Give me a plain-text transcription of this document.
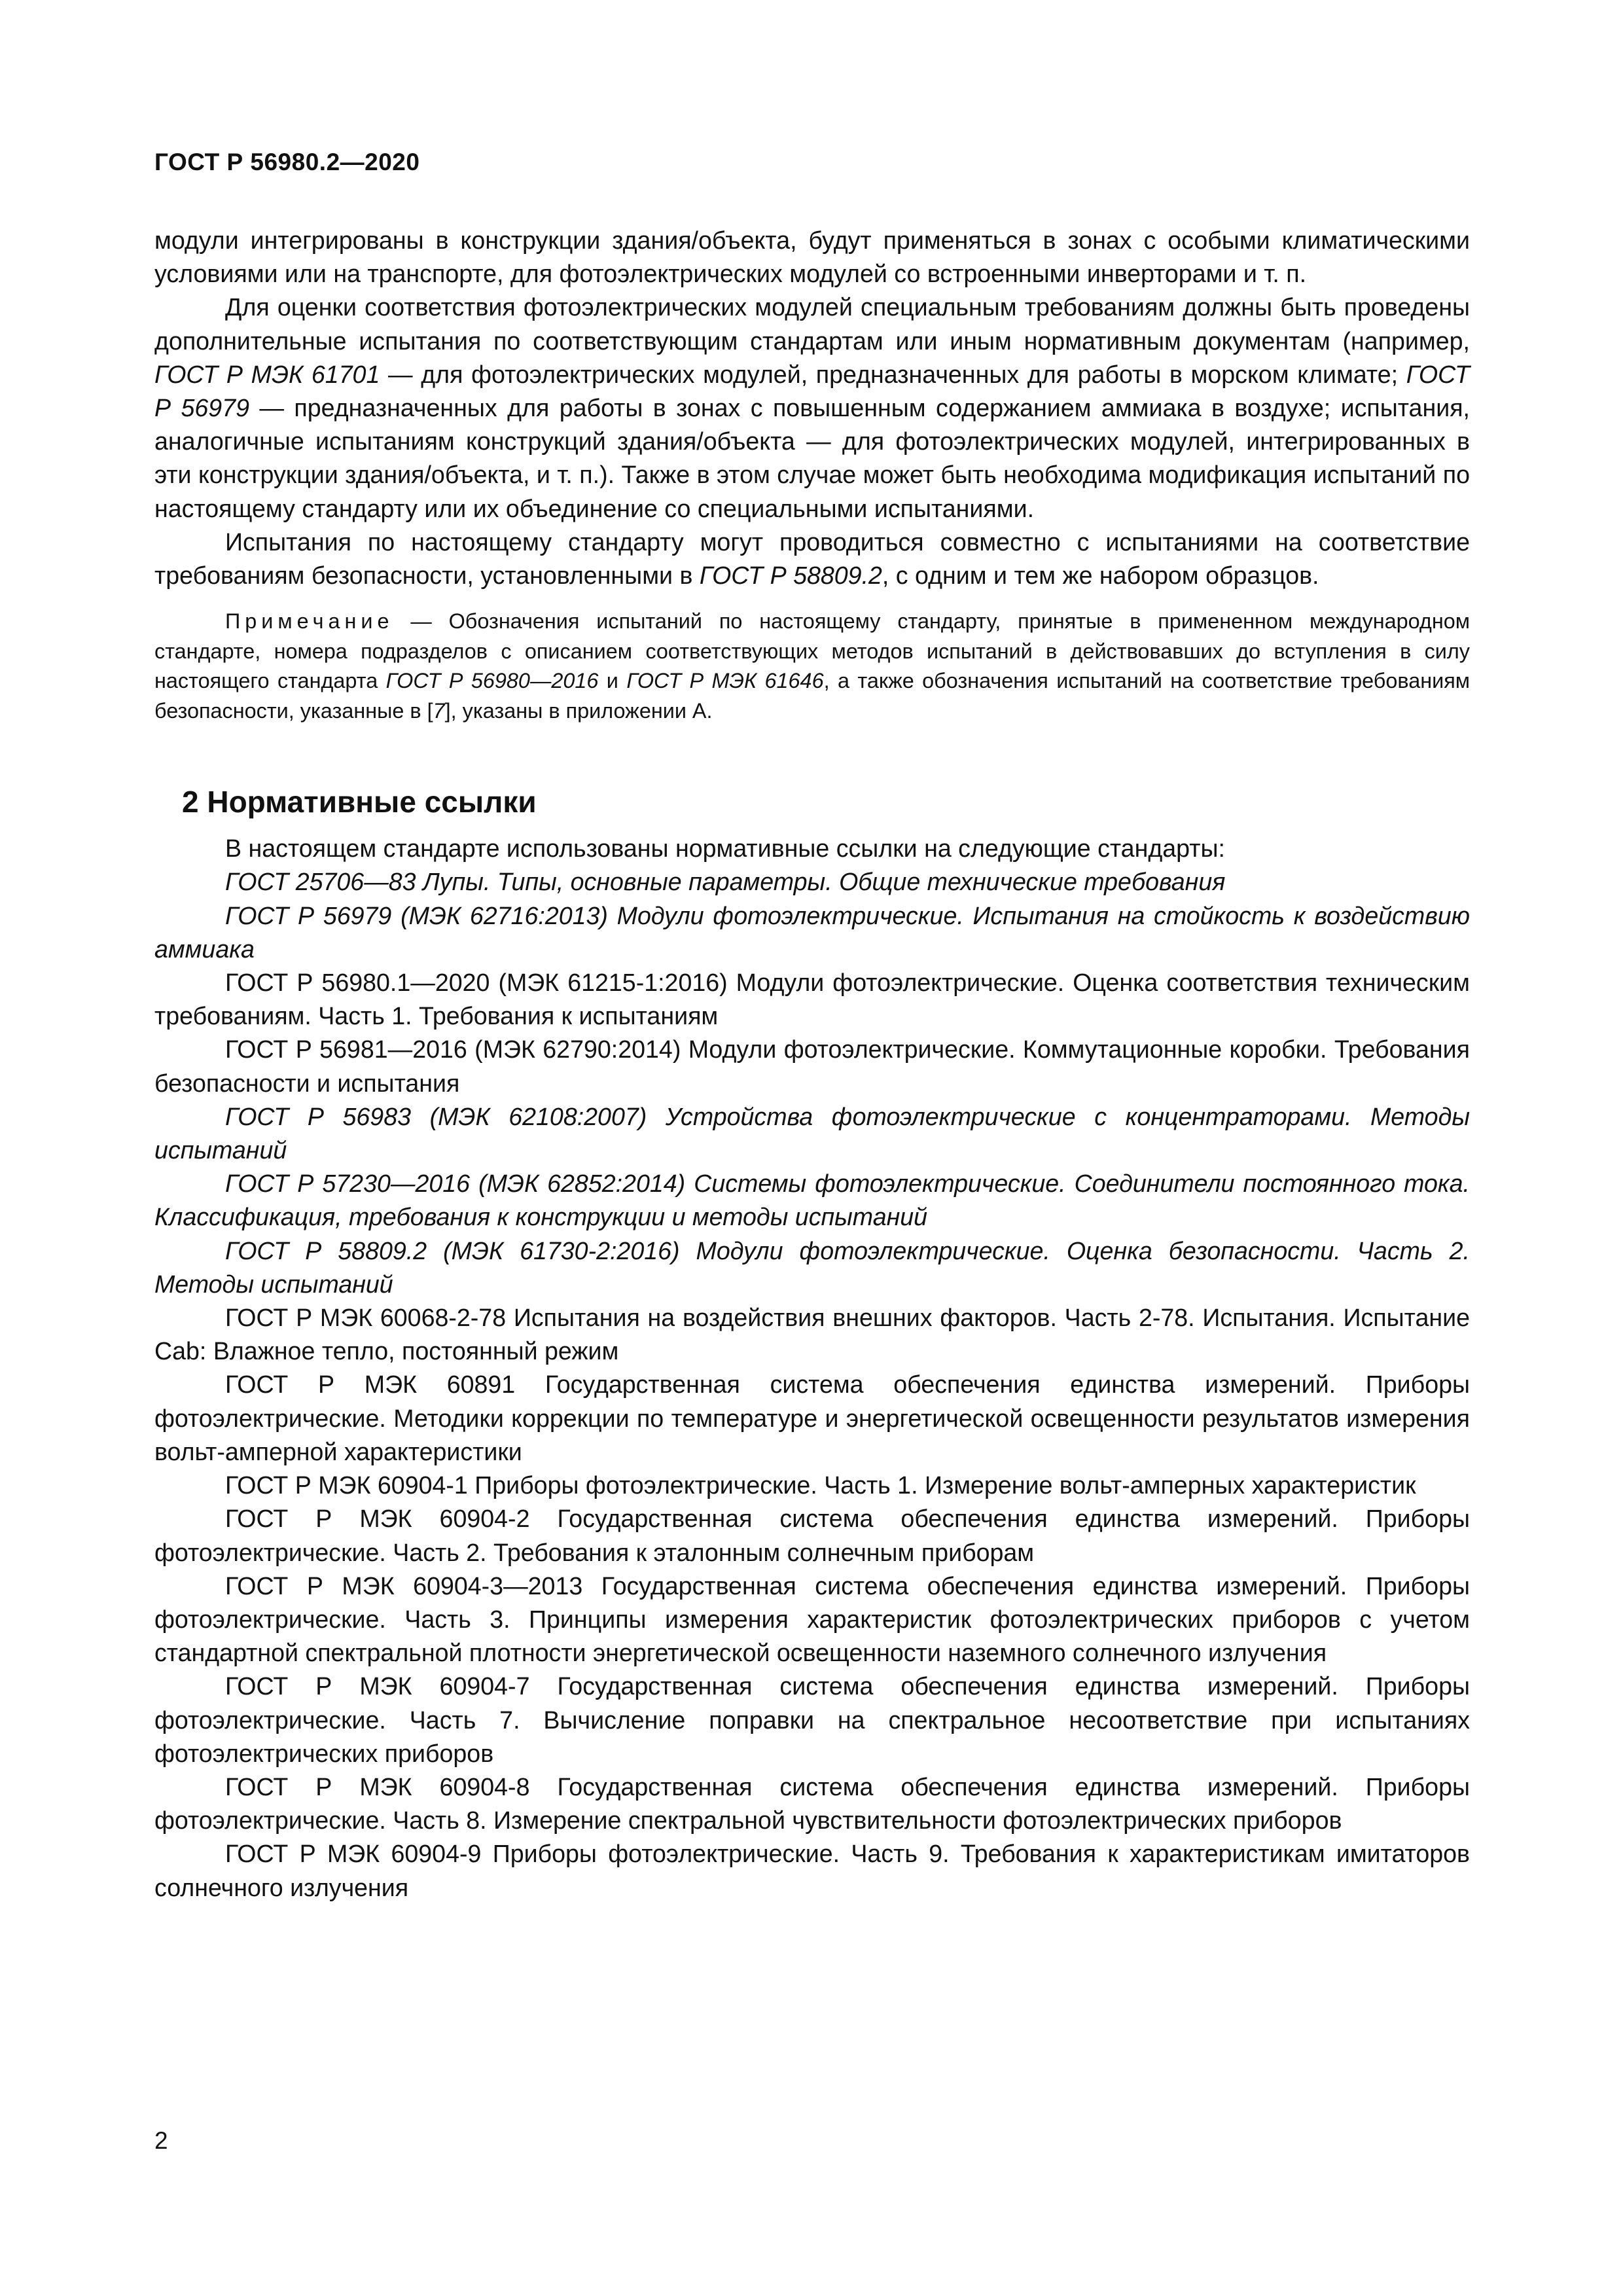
ГОСТ Р 56980.2—2020

модули интегрированы в конструкции здания/объекта, будут применяться в зонах с особыми климатическими условиями или на транспорте, для фотоэлектрических модулей со встроенными инверторами и т. п.

Для оценки соответствия фотоэлектрических модулей специальным требованиям должны быть проведены дополнительные испытания по соответствующим стандартам или иным нормативным документам (например, ГОСТ Р МЭК 61701 — для фотоэлектрических модулей, предназначенных для работы в морском климате; ГОСТ Р 56979 — предназначенных для работы в зонах с повышенным содержанием аммиака в воздухе; испытания, аналогичные испытаниям конструкций здания/объекта — для фотоэлектрических модулей, интегрированных в эти конструкции здания/объекта, и т. п.). Также в этом случае может быть необходима модификация испытаний по настоящему стандарту или их объединение со специальными испытаниями.

Испытания по настоящему стандарту могут проводиться совместно с испытаниями на соответствие требованиям безопасности, установленными в ГОСТ Р 58809.2, с одним и тем же набором образцов.

Примечание — Обозначения испытаний по настоящему стандарту, принятые в примененном международном стандарте, номера подразделов с описанием соответствующих методов испытаний в действовавших до вступления в силу настоящего стандарта ГОСТ Р 56980—2016 и ГОСТ Р МЭК 61646, а также обозначения испытаний на соответствие требованиям безопасности, указанные в [7], указаны в приложении А.

2 Нормативные ссылки

В настоящем стандарте использованы нормативные ссылки на следующие стандарты:

ГОСТ 25706—83 Лупы. Типы, основные параметры. Общие технические требования

ГОСТ Р 56979 (МЭК 62716:2013) Модули фотоэлектрические. Испытания на стойкость к воздействию аммиака

ГОСТ Р 56980.1—2020 (МЭК 61215-1:2016) Модули фотоэлектрические. Оценка соответствия техническим требованиям. Часть 1. Требования к испытаниям

ГОСТ Р 56981—2016 (МЭК 62790:2014) Модули фотоэлектрические. Коммутационные коробки. Требования безопасности и испытания

ГОСТ Р 56983 (МЭК 62108:2007) Устройства фотоэлектрические с концентраторами. Методы испытаний

ГОСТ Р 57230—2016 (МЭК 62852:2014) Системы фотоэлектрические. Соединители постоянного тока. Классификация, требования к конструкции и методы испытаний

ГОСТ Р 58809.2 (МЭК 61730-2:2016) Модули фотоэлектрические. Оценка безопасности. Часть 2. Методы испытаний

ГОСТ Р МЭК 60068-2-78 Испытания на воздействия внешних факторов. Часть 2-78. Испытания. Испытание Cab: Влажное тепло, постоянный режим

ГОСТ Р МЭК 60891 Государственная система обеспечения единства измерений. Приборы фотоэлектрические. Методики коррекции по температуре и энергетической освещенности результатов измерения вольт-амперной характеристики

ГОСТ Р МЭК 60904-1 Приборы фотоэлектрические. Часть 1. Измерение вольт-амперных характеристик

ГОСТ Р МЭК 60904-2 Государственная система обеспечения единства измерений. Приборы фотоэлектрические. Часть 2. Требования к эталонным солнечным приборам

ГОСТ Р МЭК 60904-3—2013 Государственная система обеспечения единства измерений. Приборы фотоэлектрические. Часть 3. Принципы измерения характеристик фотоэлектрических приборов с учетом стандартной спектральной плотности энергетической освещенности наземного солнечного излучения

ГОСТ Р МЭК 60904-7 Государственная система обеспечения единства измерений. Приборы фотоэлектрические. Часть 7. Вычисление поправки на спектральное несоответствие при испытаниях фотоэлектрических приборов

ГОСТ Р МЭК 60904-8 Государственная система обеспечения единства измерений. Приборы фотоэлектрические. Часть 8. Измерение спектральной чувствительности фотоэлектрических приборов

ГОСТ Р МЭК 60904-9 Приборы фотоэлектрические. Часть 9. Требования к характеристикам имитаторов солнечного излучения

2
